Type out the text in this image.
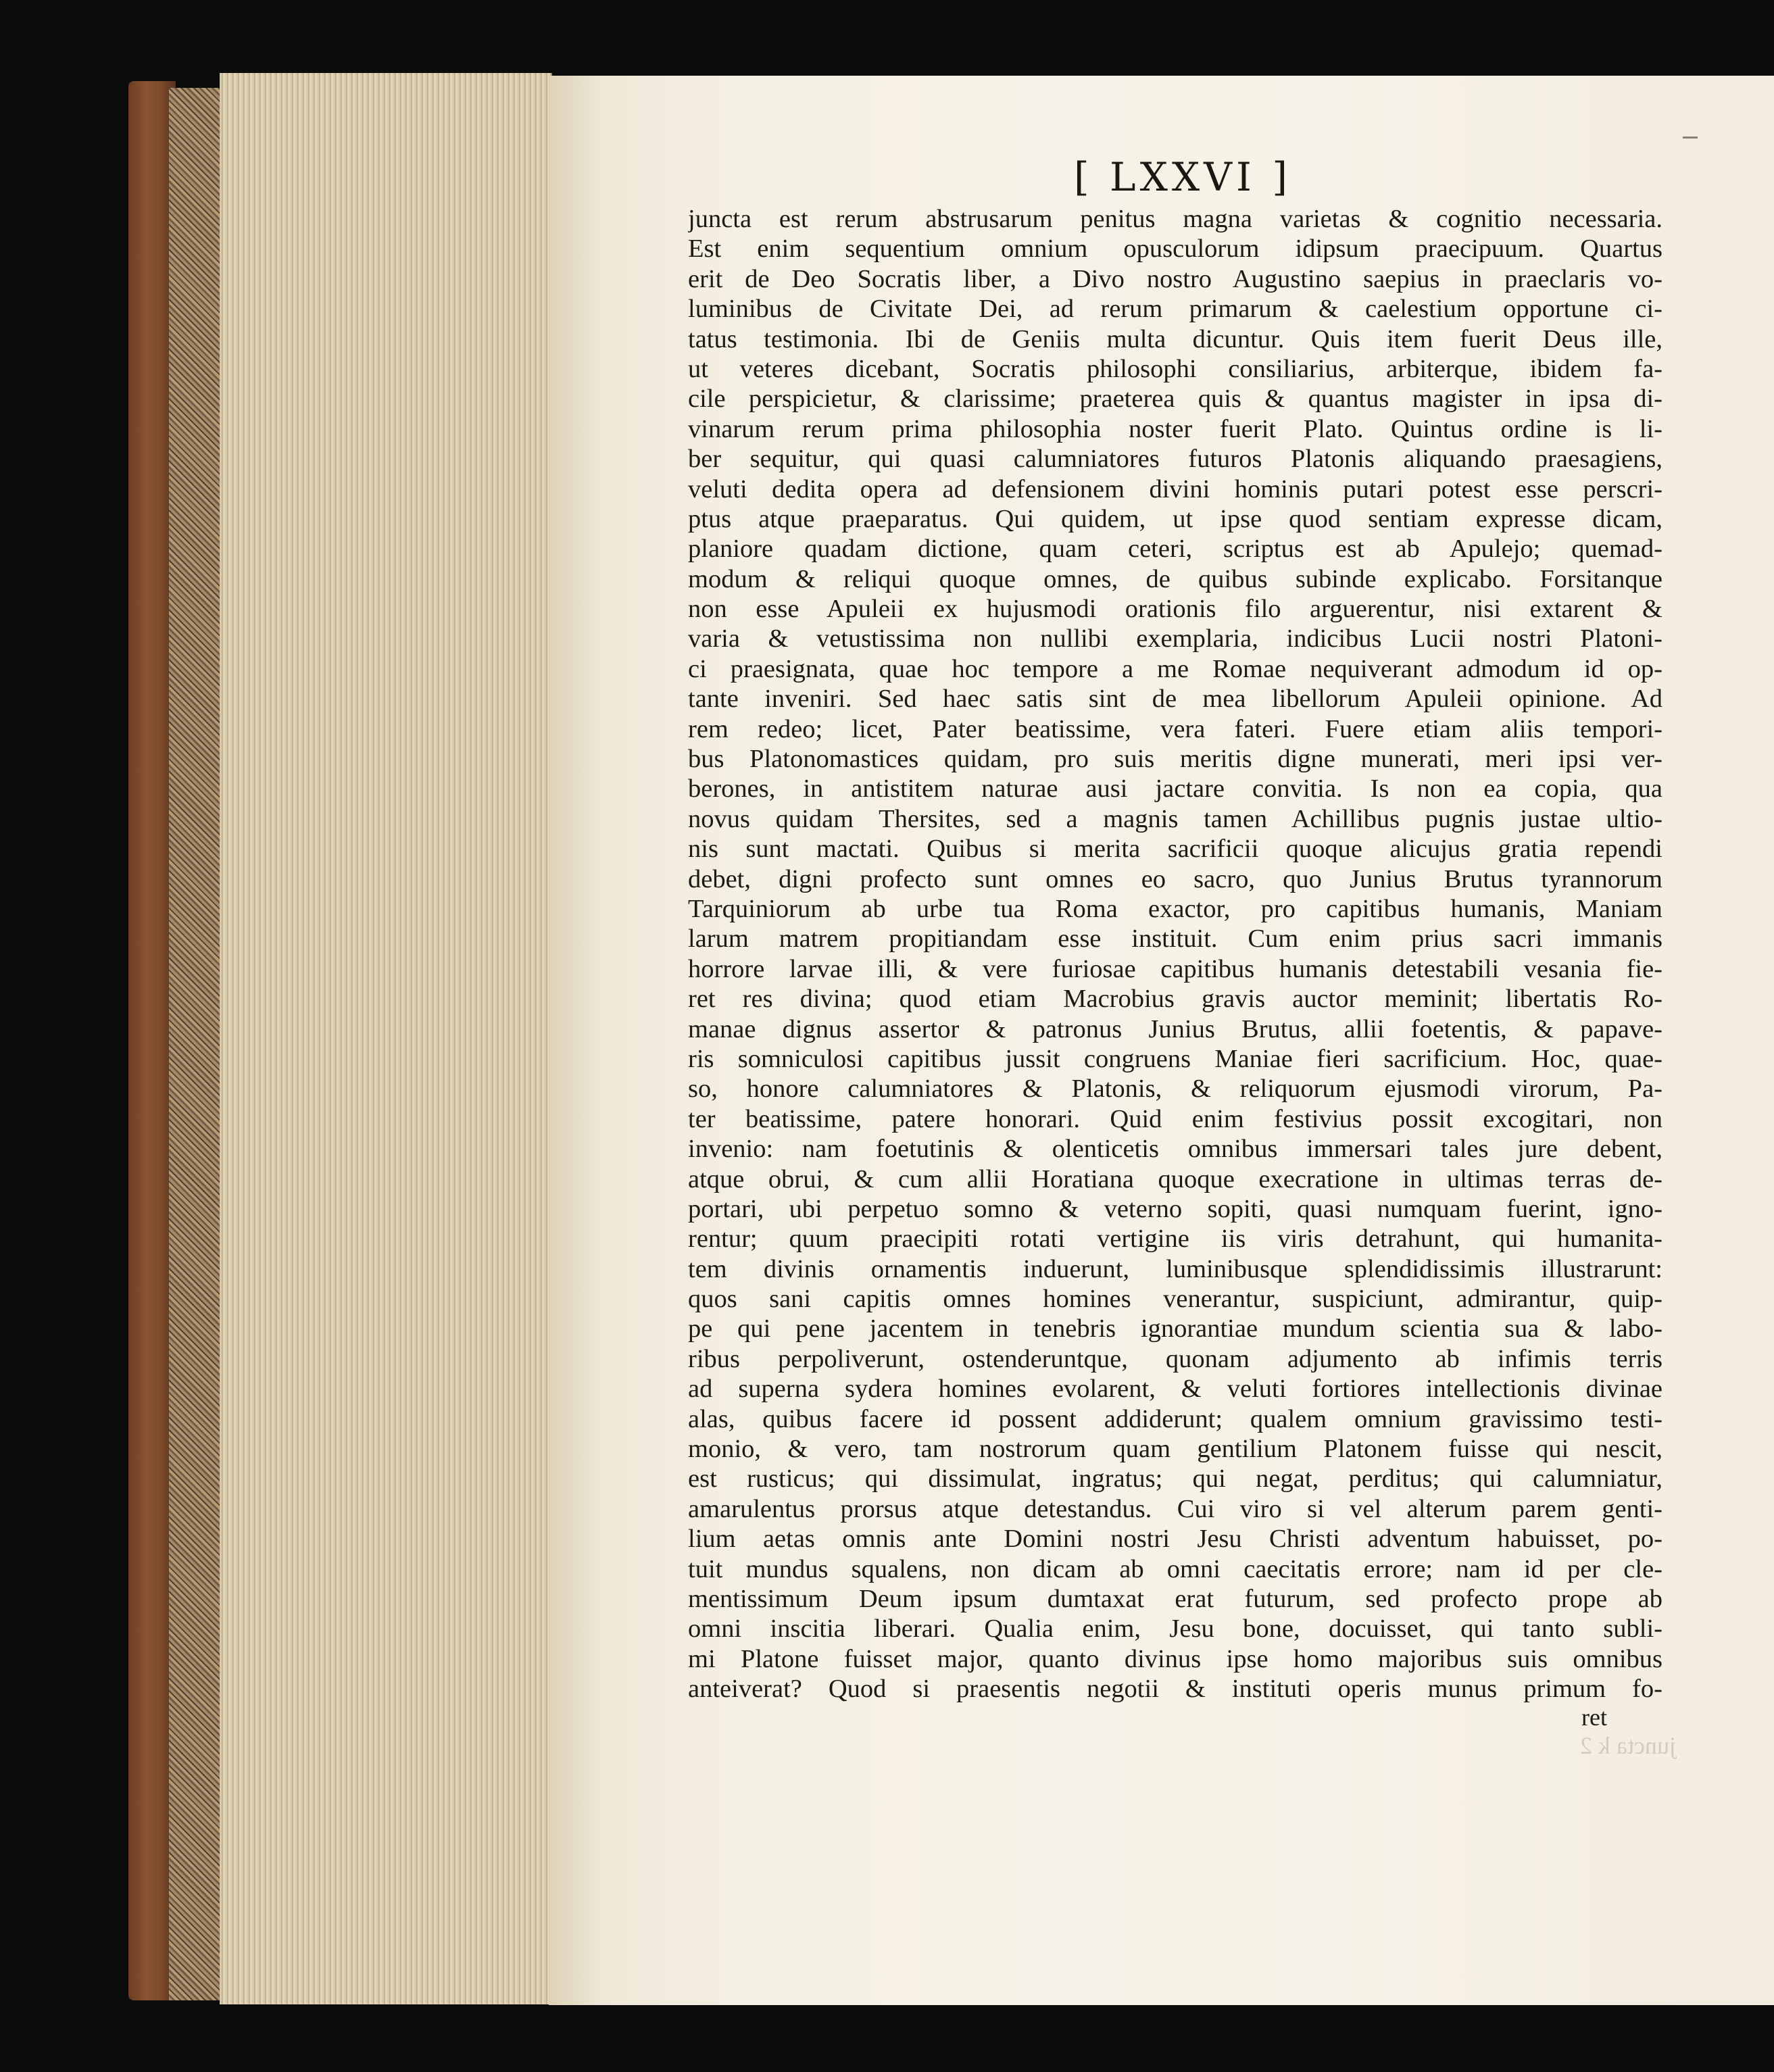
[ LXXVI ]
juncta est rerum abstrusarum penitus magna varietas & cognitio necessaria.
Est enim sequentium omnium opusculorum idipsum praecipuum. Quartus
erit de Deo Socratis liber, a Divo nostro Augustino saepius in praeclaris vo-
luminibus de Civitate Dei, ad rerum primarum & caelestium opportune ci-
tatus testimonia. Ibi de Geniis multa dicuntur. Quis item fuerit Deus ille,
ut veteres dicebant, Socratis philosophi consiliarius, arbiterque, ibidem fa-
cile perspicietur, & clarissime; praeterea quis & quantus magister in ipsa di-
vinarum rerum prima philosophia noster fuerit Plato. Quintus ordine is li-
ber sequitur, qui quasi calumniatores futuros Platonis aliquando praesagiens,
veluti dedita opera ad defensionem divini hominis putari potest esse perscri-
ptus atque praeparatus. Qui quidem, ut ipse quod sentiam expresse dicam,
planiore quadam dictione, quam ceteri, scriptus est ab Apulejo; quemad-
modum & reliqui quoque omnes, de quibus subinde explicabo. Forsitanque
non esse Apuleii ex hujusmodi orationis filo arguerentur, nisi extarent &
varia & vetustissima non nullibi exemplaria, indicibus Lucii nostri Platoni-
ci praesignata, quae hoc tempore a me Romae nequiverant admodum id op-
tante inveniri. Sed haec satis sint de mea libellorum Apuleii opinione. Ad
rem redeo; licet, Pater beatissime, vera fateri. Fuere etiam aliis tempori-
bus Platonomastices quidam, pro suis meritis digne munerati, meri ipsi ver-
berones, in antistitem naturae ausi jactare convitia. Is non ea copia, qua
novus quidam Thersites, sed a magnis tamen Achillibus pugnis justae ultio-
nis sunt mactati. Quibus si merita sacrificii quoque alicujus gratia rependi
debet, digni profecto sunt omnes eo sacro, quo Junius Brutus tyrannorum
Tarquiniorum ab urbe tua Roma exactor, pro capitibus humanis, Maniam
larum matrem propitiandam esse instituit. Cum enim prius sacri immanis
horrore larvae illi, & vere furiosae capitibus humanis detestabili vesania fie-
ret res divina; quod etiam Macrobius gravis auctor meminit; libertatis Ro-
manae dignus assertor & patronus Junius Brutus, allii foetentis, & papave-
ris somniculosi capitibus jussit congruens Maniae fieri sacrificium. Hoc, quae-
so, honore calumniatores & Platonis, & reliquorum ejusmodi virorum, Pa-
ter beatissime, patere honorari. Quid enim festivius possit excogitari, non
invenio: nam foetutinis & olenticetis omnibus immersari tales jure debent,
atque obrui, & cum allii Horatiana quoque execratione in ultimas terras de-
portari, ubi perpetuo somno & veterno sopiti, quasi numquam fuerint, igno-
rentur; quum praecipiti rotati vertigine iis viris detrahunt, qui humanita-
tem divinis ornamentis induerunt, luminibusque splendidissimis illustrarunt:
quos sani capitis omnes homines venerantur, suspiciunt, admirantur, quip-
pe qui pene jacentem in tenebris ignorantiae mundum scientia sua & labo-
ribus perpoliverunt, ostenderuntque, quonam adjumento ab infimis terris
ad superna sydera homines evolarent, & veluti fortiores intellectionis divinae
alas, quibus facere id possent addiderunt; qualem omnium gravissimo testi-
monio, & vero, tam nostrorum quam gentilium Platonem fuisse qui nescit,
est rusticus; qui dissimulat, ingratus; qui negat, perditus; qui calumniatur,
amarulentus prorsus atque detestandus. Cui viro si vel alterum parem genti-
lium aetas omnis ante Domini nostri Jesu Christi adventum habuisset, po-
tuit mundus squalens, non dicam ab omni caecitatis errore; nam id per cle-
mentissimum Deum ipsum dumtaxat erat futurum, sed profecto prope ab
omni inscitia liberari. Qualia enim, Jesu bone, docuisset, qui tanto subli-
mi Platone fuisset major, quanto divinus ipse homo majoribus suis omnibus
anteiverat? Quod si praesentis negotii & instituti operis munus primum fo-
juncta k 2
ret
